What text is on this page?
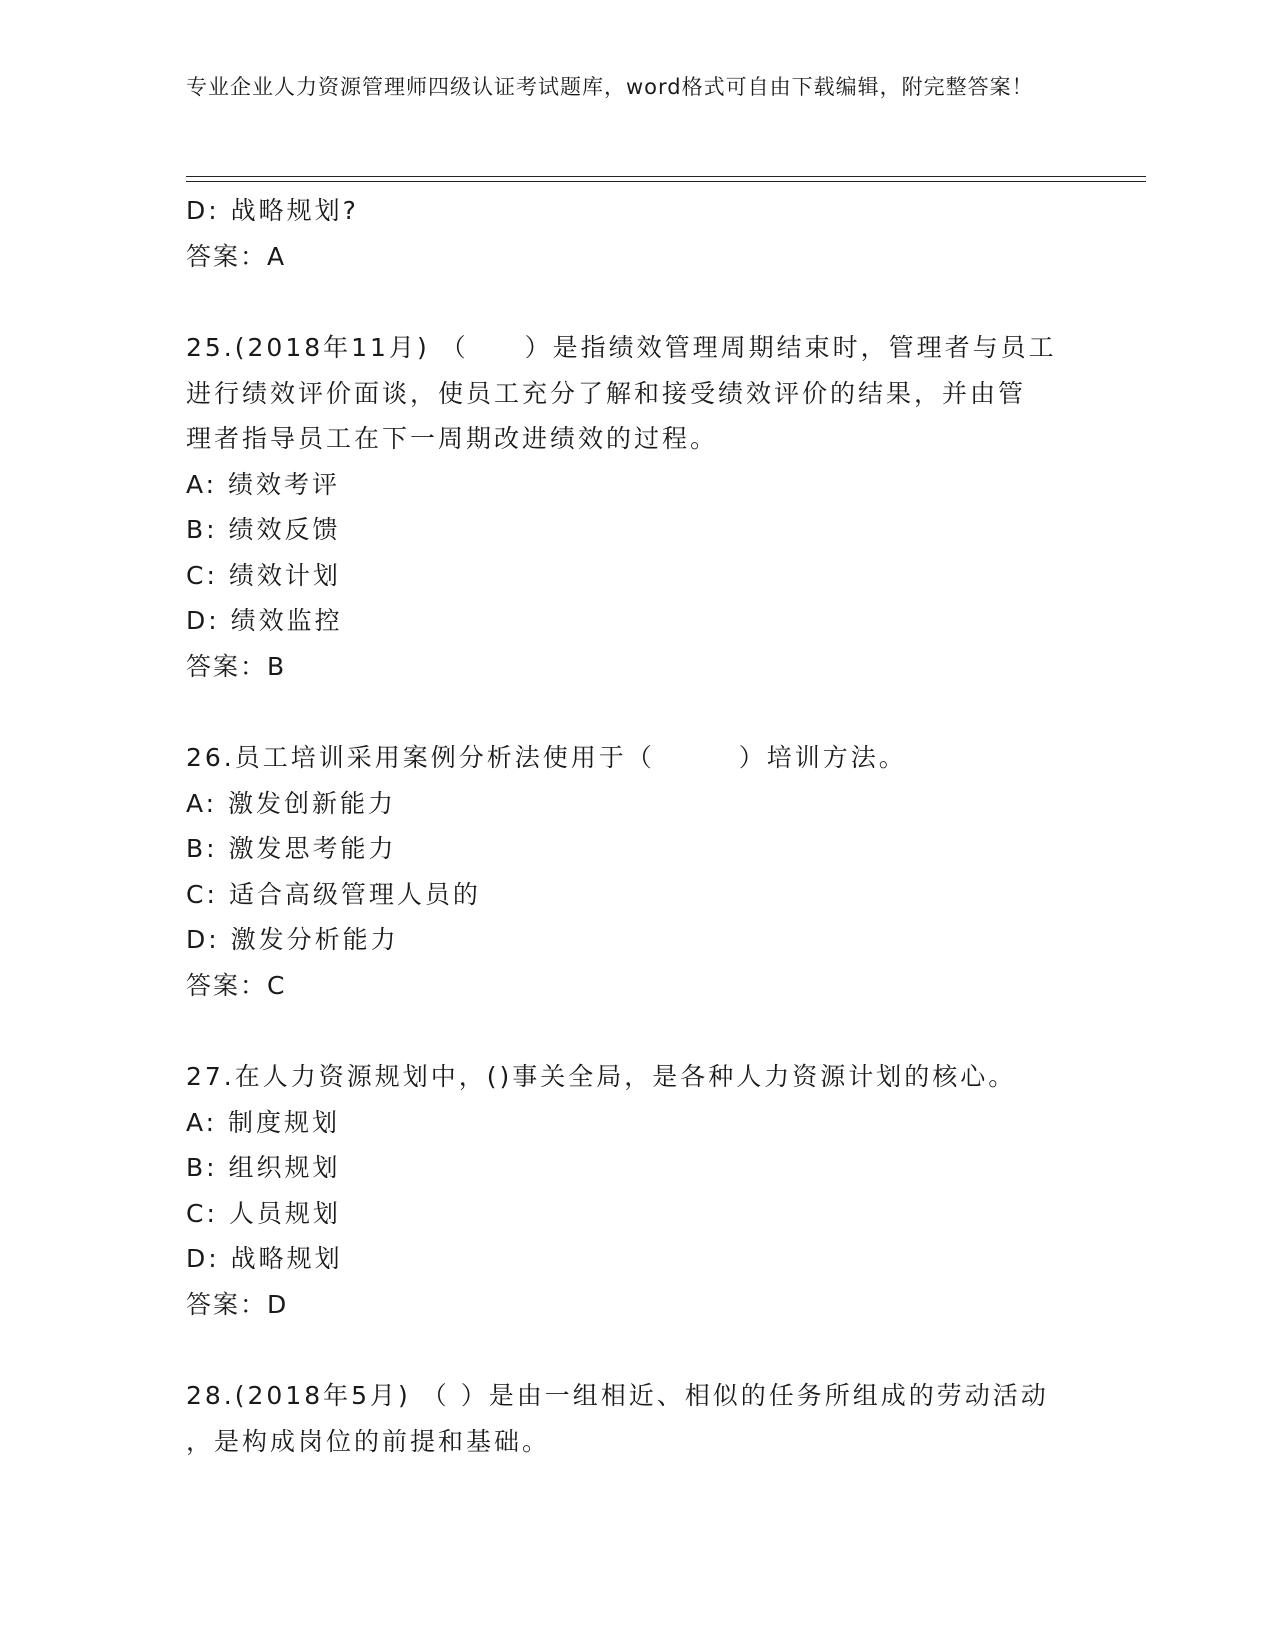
专业企业人力资源管理师四级认证考试题库，word格式可自由下载编辑，附完整答案！
D: 战略规划?
答案：A
25.(2018年11月) （　　）是指绩效管理周期结束时，管理者与员工
进行绩效评价面谈，使员工充分了解和接受绩效评价的结果，并由管
理者指导员工在下一周期改进绩效的过程。
A: 绩效考评
B: 绩效反馈
C: 绩效计划
D: 绩效监控
答案：B
26.员工培训采用案例分析法使用于（　　　）培训方法。
A: 激发创新能力
B: 激发思考能力
C: 适合高级管理人员的
D: 激发分析能力
答案：C
27.在人力资源规划中，()事关全局，是各种人力资源计划的核心。
A: 制度规划
B: 组织规划
C: 人员规划
D: 战略规划
答案：D
28.(2018年5月) （ ）是由一组相近、相似的任务所组成的劳动活动
，是构成岗位的前提和基础。
